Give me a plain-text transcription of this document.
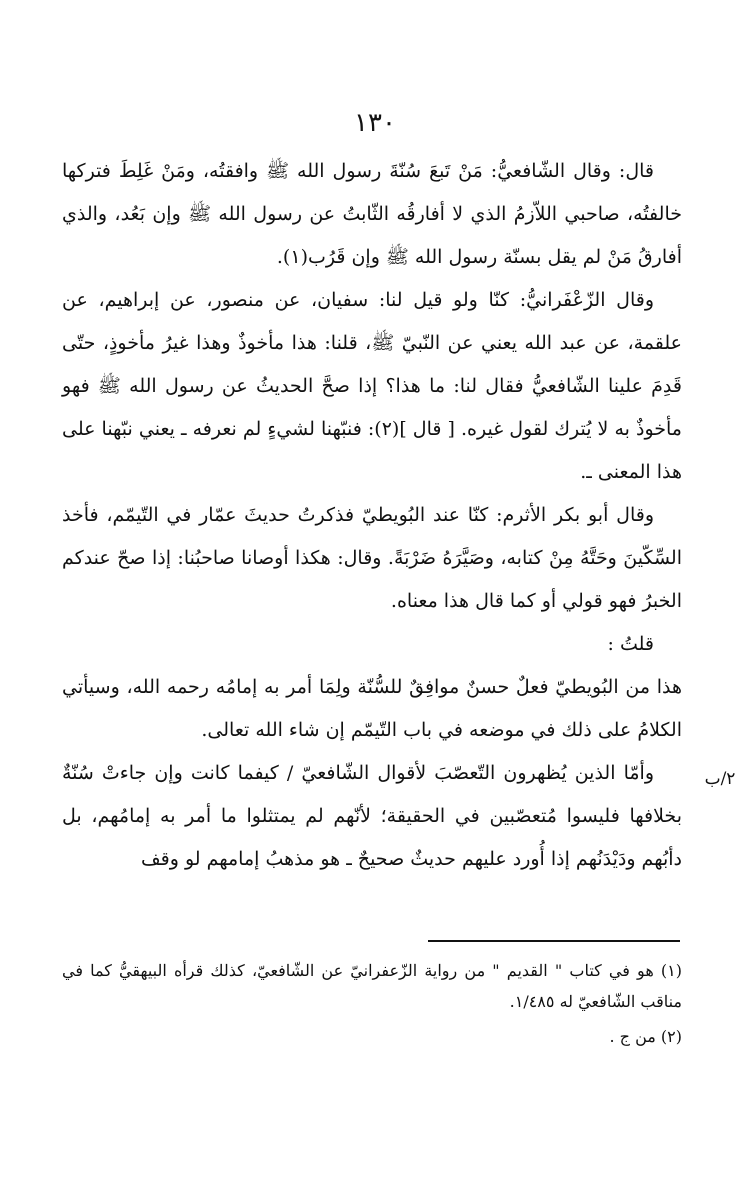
١٣٠
٢/ب

قال: وقال الشّافعيُّ: مَنْ تَبعَ سُنّةَ رسول الله ﷺ وافقتُه، ومَنْ غَلِطَ فتركها خالفتُه، صاحبي اللاّزمُ الذي لا أفارقُه الثّابتُ عن رسول الله ﷺ وإن بَعُد، والذي أفارقُ مَنْ لم يقل بسنّة رسول الله ﷺ وإن قَرُب(١).

وقال الزّعْفَرانيُّ: كنّا ولو قيل لنا: سفيان، عن منصور، عن إبراهيم، عن علقمة، عن عبد الله يعني عن النّبيّ ﷺ، قلنا: هذا مأخوذٌ وهذا غيرُ مأخوذٍ، حتّى قَدِمَ علينا الشّافعيُّ فقال لنا: ما هذا؟ إذا صحَّ الحديثُ عن رسول الله ﷺ فهو مأخوذٌ به لا يُترك لقول غيره. [ قال ](٢): فنبّهنا لشيءٍ لم نعرفه ـ يعني نبّهنا على هذا المعنى ـ.

وقال أبو بكر الأثرم: كنّا عند البُويطيّ فذكرتُ حديثَ عمّار في التّيمّم، فأخذ السِّكّينَ وحَتَّهُ مِنْ كتابه، وصَيَّرَهُ ضَرْبَةً. وقال: هكذا أوصانا صاحبُنا: إذا صحّ عندكم الخبرُ فهو قولي أو كما قال هذا معناه.

قلتُ :

هذا من البُويطيّ فعلٌ حسنٌ موافِقٌ للسُّنّة ولِمَا أمر به إمامُه رحمه الله، وسيأتي الكلامُ على ذلك في موضعه في باب التّيمّم إن شاء الله تعالى.

وأمّا الذين يُظهرون التّعصّبَ لأقوال الشّافعيّ / كيفما كانت وإن جاءتْ سُنّةٌ بخلافها فليسوا مُتعصّبين في الحقيقة؛ لأنّهم لم يمتثلوا ما أمر به إمامُهم، بل دأبُهم ودَيْدَنُهم إذا أُورد عليهم حديثٌ صحيحٌ ـ هو مذهبُ إمامهم لو وقف

(١) هو في كتاب " القديم " من رواية الزّعفرانيّ عن الشّافعيّ، كذلك قرأه البيهقيُّ كما في مناقب الشّافعيّ له ١/٤٨٥.

(٢) من ج .
